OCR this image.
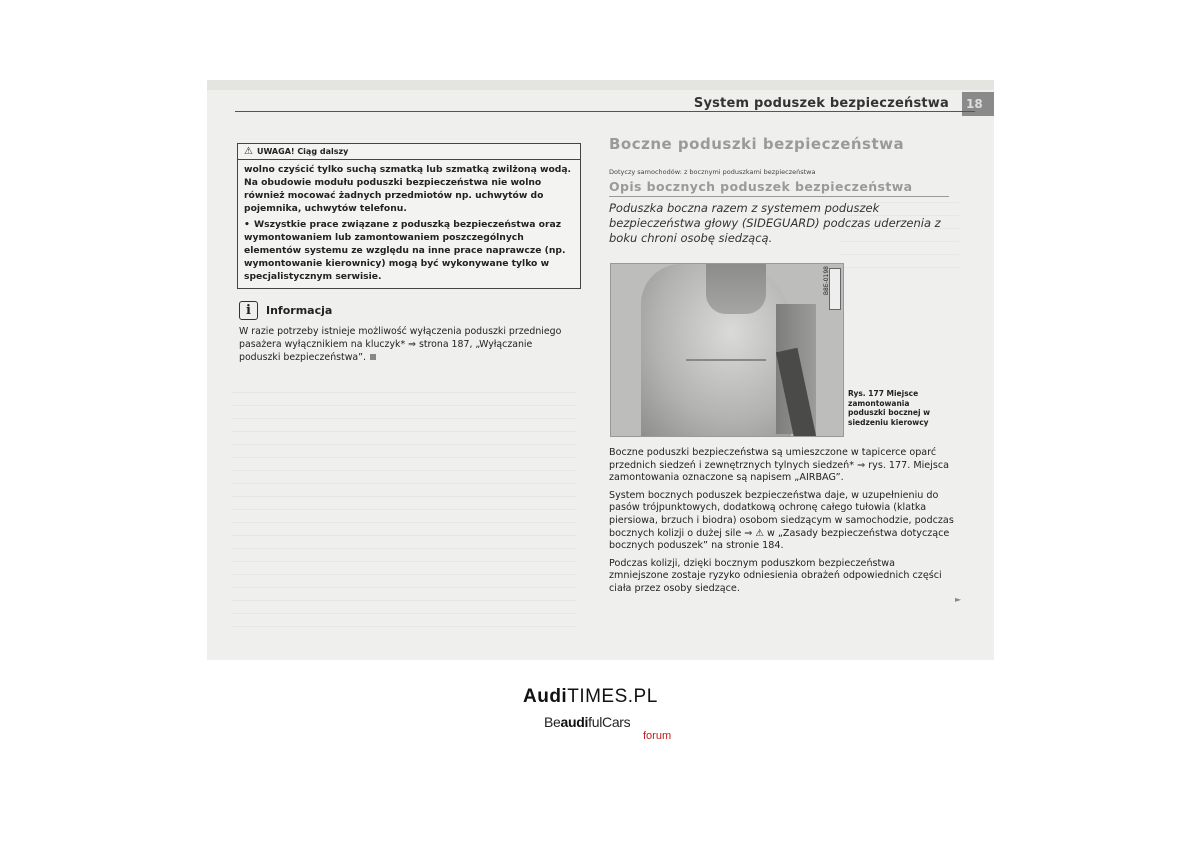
System poduszek bezpieczeństwa	18
⚠ UWAGA! Ciąg dalszy

wolno czyścić tylko suchą szmatką lub szmatką zwilżoną wodą. Na obudowie modułu poduszki bezpieczeństwa nie wolno również mocować żadnych przedmiotów np. uchwytów do pojemnika, uchwytów telefonu.

• Wszystkie prace związane z poduszką bezpieczeństwa oraz wymontowaniem lub zamontowaniem poszczególnych elementów systemu ze względu na inne prace naprawcze (np. wymontowanie kierownicy) mogą być wykonywane tylko w specjalistycznym serwisie.

i	Informacja

W razie potrzeby istnieje możliwość wyłączenia poduszki przedniego pasażera wyłącznikiem na kluczyk* ⇒ strona 187, „Wyłączanie poduszki bezpieczeństwa”.

Boczne poduszki bezpieczeństwa
Dotyczy samochodów: z bocznymi poduszkami bezpieczeństwa
Opis bocznych poduszek bezpieczeństwa

Poduszka boczna razem z systemem poduszek bezpieczeństwa głowy (SIDEGUARD) podczas uderzenia z boku chroni osobę siedzącą.

B8E-0198

Rys. 177 Miejsce zamontowania poduszki bocznej w siedzeniu kierowcy

Boczne poduszki bezpieczeństwa są umieszczone w tapicerce oparć przednich siedzeń i zewnętrznych tylnych siedzeń* ⇒ rys. 177. Miejsca zamontowania oznaczone są napisem „AIRBAG”.

System bocznych poduszek bezpieczeństwa daje, w uzupełnieniu do pasów trójpunktowych, dodatkową ochronę całego tułowia (klatka piersiowa, brzuch i biodra) osobom siedzącym w samochodzie, podczas bocznych kolizji o dużej sile ⇒ ⚠ w „Zasady bezpieczeństwa dotyczące bocznych poduszek” na stronie 184.

Podczas kolizji, dzięki bocznym poduszkom bezpieczeństwa zmniejszone zostaje ryzyko odniesienia obrażeń odpowiednich części ciała przez osoby siedzące.

►
AudiTIMES.PL
BeaudifulCars
forum
